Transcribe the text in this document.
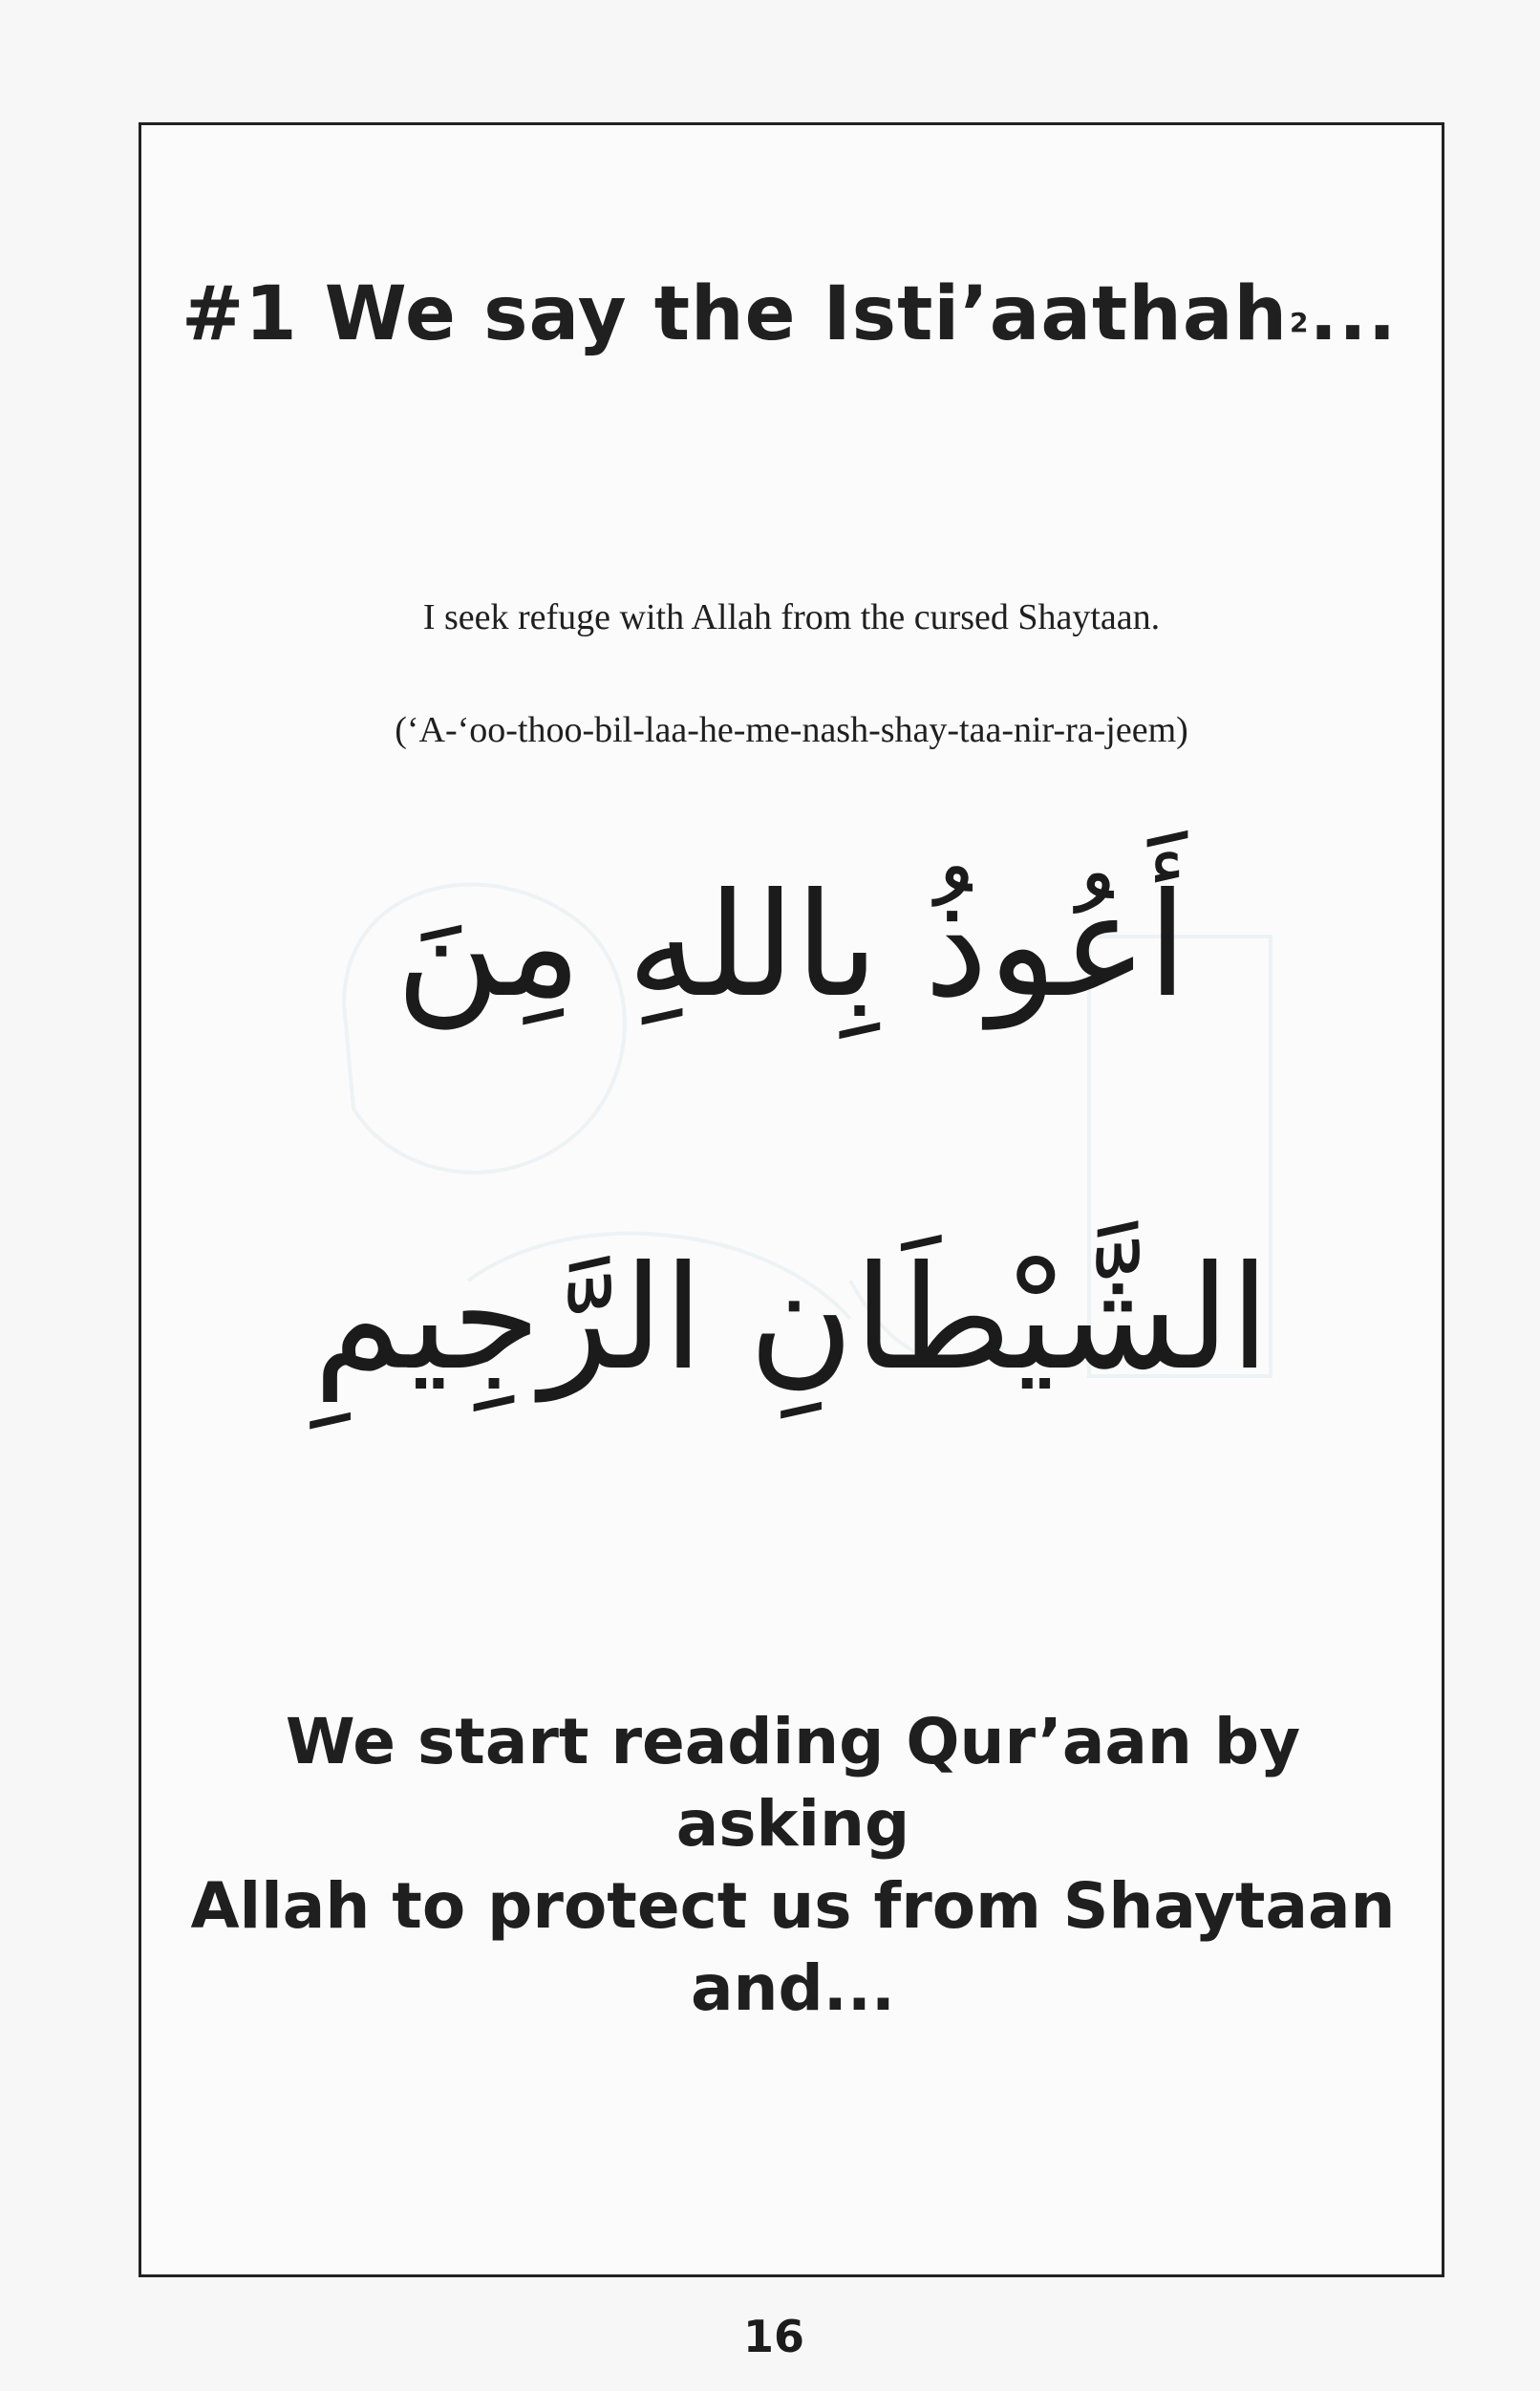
#1 We say the Isti’aathah$_2$...
I seek refuge with Allah from the cursed Shaytaan.
(‘A-‘oo-thoo-bil-laa-he-me-nash-shay-taa-nir-ra-jeem)
أَعُوذُ بِاللهِ مِنَ
الشَّيْطَانِ الرَّجِيمِ
We start reading Qur’aan by asking
Allah to protect us from Shaytaan
and...
16
